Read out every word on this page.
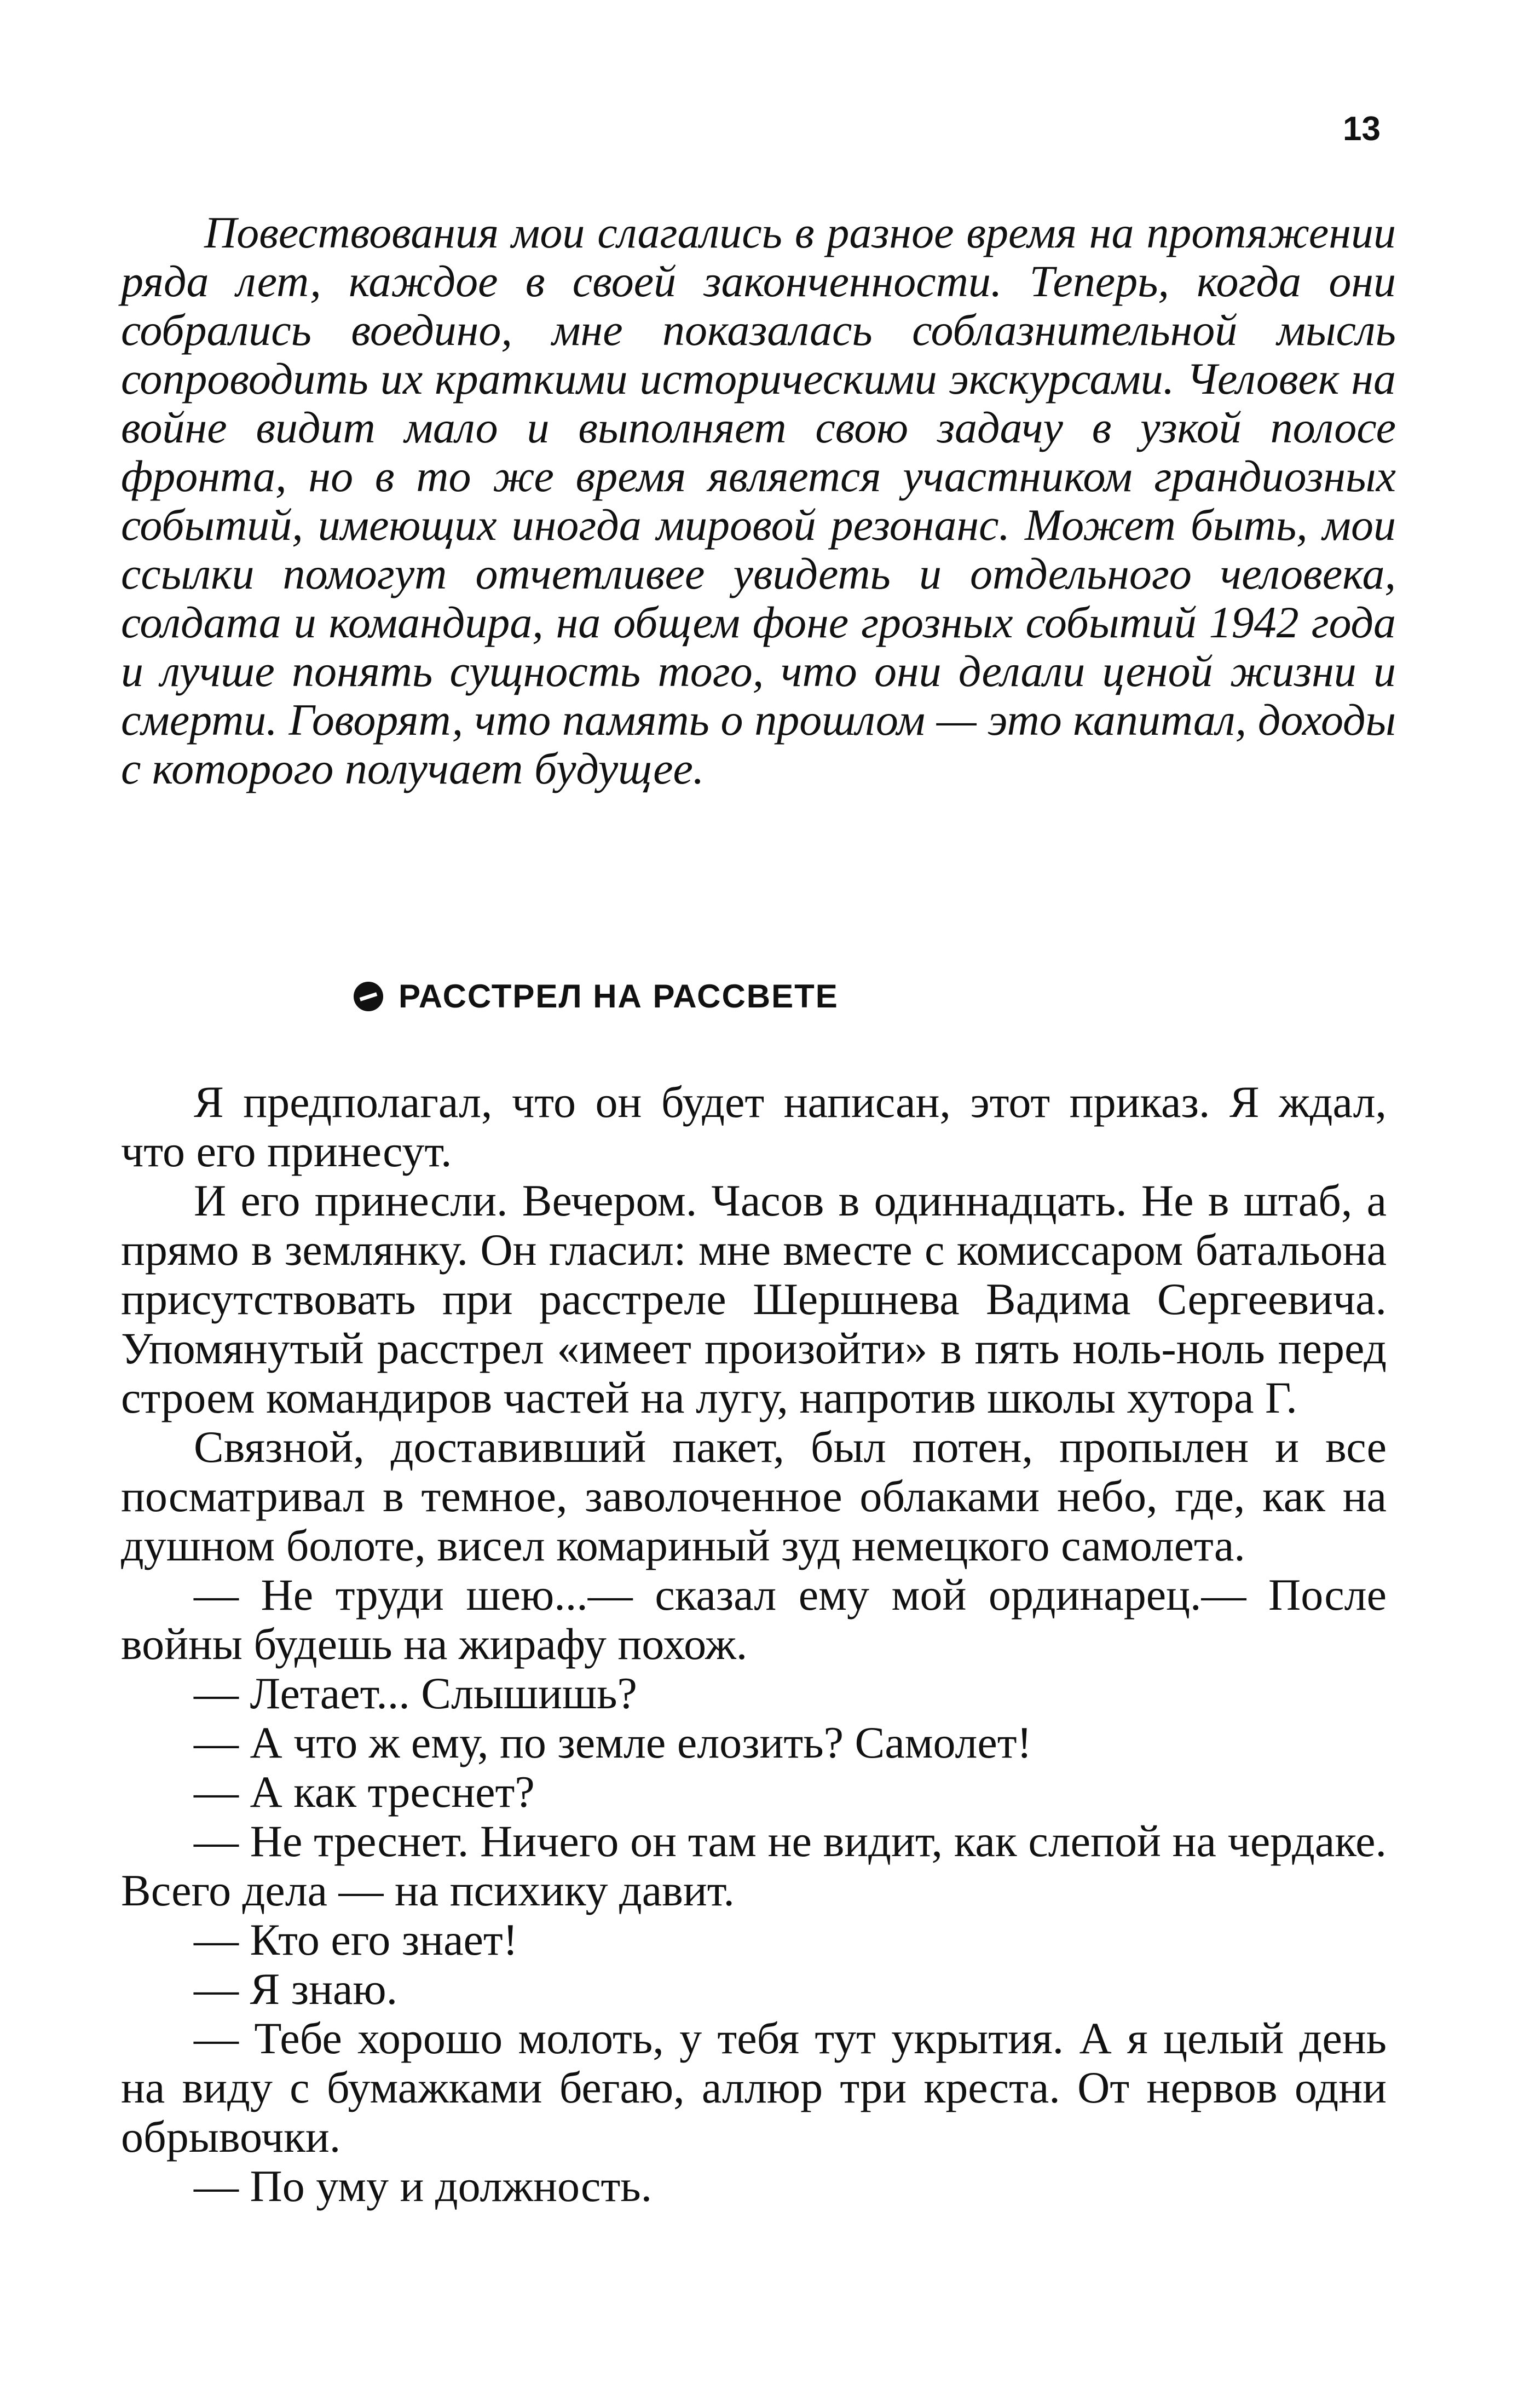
13

Повествования мои слагались в разное время на протяжении ряда лет, каждое в своей законченности. Теперь, когда они собрались воедино, мне показалась соблазнительной мысль сопроводить их краткими историческими экскурсами. Человек на войне видит мало и выполняет свою задачу в узкой полосе фронта, но в то же время является участником грандиозных событий, имеющих иногда мировой резонанс. Может быть, мои ссылки помогут отчетливее увидеть и отдельного человека, солдата и командира, на общем фоне грозных событий 1942 года и лучше понять сущность того, что они делали ценой жизни и смерти. Говорят, что память о прошлом — это капитал, доходы с которого получает будущее.

РАССТРЕЛ НА РАССВЕТЕ

Я предполагал, что он будет написан, этот приказ. Я ждал, что его принесут.

И его принесли. Вечером. Часов в одиннадцать. Не в штаб, а прямо в землянку. Он гласил: мне вместе с комиссаром батальона присутствовать при расстреле Шершнева Вадима Сергеевича. Упомянутый расстрел «имеет произойти» в пять ноль-ноль перед строем командиров частей на лугу, напротив школы хутора Г.

Связной, доставивший пакет, был потен, пропылен и все посматривал в темное, заволоченное облаками небо, где, как на душном болоте, висел комариный зуд немецкого самолета.

— Не труди шею...— сказал ему мой ординарец.— После войны будешь на жирафу похож.

— Летает... Слышишь?

— А что ж ему, по земле елозить? Самолет!

— А как треснет?

— Не треснет. Ничего он там не видит, как слепой на чердаке. Всего дела — на психику давит.

— Кто его знает!

— Я знаю.

— Тебе хорошо молоть, у тебя тут укрытия. А я целый день на виду с бумажками бегаю, аллюр три креста. От нервов одни обрывочки.

— По уму и должность.
